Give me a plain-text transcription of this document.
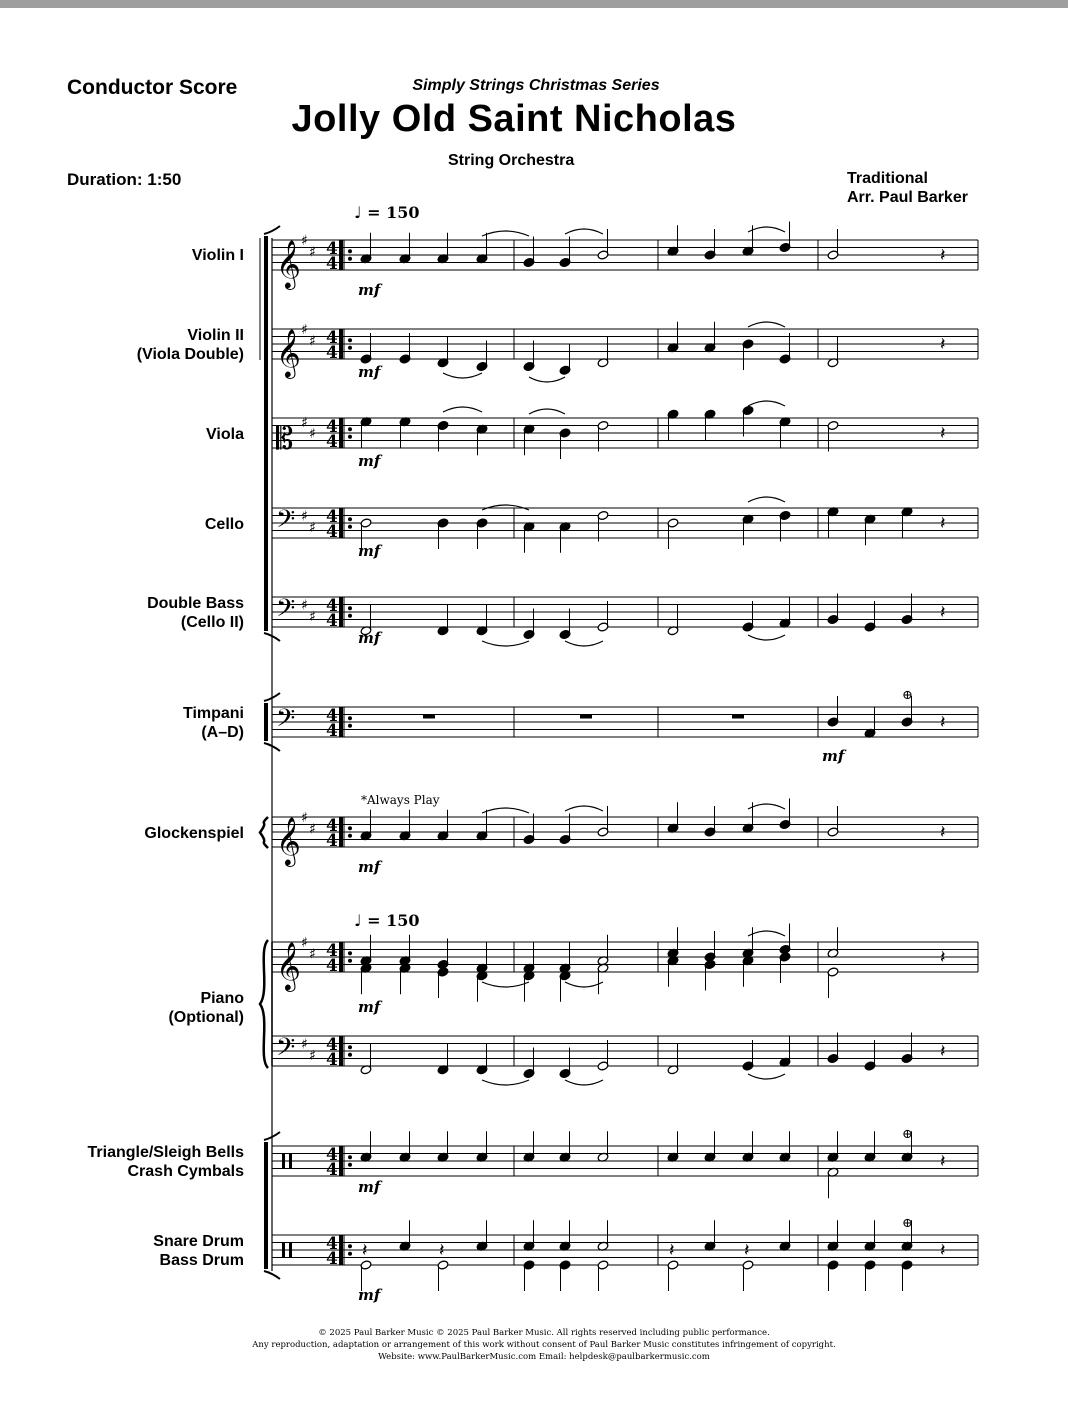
Conductor Score	Simply Strings Christmas Series
Jolly Old Saint Nicholas
String Orchestra
Duration: 1:50	Traditional
Arr. Paul Barker
Violin I
Violin II
(Viola Double)
Viola
Cello
Double Bass
(Cello II)
Timpani
(A–D)
Glockenspiel
Piano
(Optional)
Triangle/Sleigh Bells
Crash Cymbals
Snare Drum
Bass Drum
♩ = 150
♩ = 150
*Always Play
𝄞 ♯
♯ 4
4
𝄞 ♯
♯ 4
4
𝄡 ♯
♯ 4
4
𝄢 ♯
♯
4
4
𝄢 ♯
♯
4
4
𝄢 4
4
𝄞 ♯
♯ 4
4
𝄞 ♯
♯ 4
4
𝄢 ♯
♯
4
4
4
4
4
4
𝄽
mf
𝄽
mf
𝄽
mf
𝄽
mf
𝄽
mf
𝄽
𝄽
mf
𝄽
⊕
mf
𝄽
mf
𝄽
⊕
mf
𝄽	𝄽	𝄽	𝄽	𝄽
⊕
mf
© 2025 Paul Barker Music © 2025 Paul Barker Music. All rights reserved including public performance.
Any reproduction, adaptation or arrangement of this work without consent of Paul Barker Music constitutes infringement of copyright.
Website: www.PaulBarkerMusic.com Email: helpdesk@paulbarkermusic.com
